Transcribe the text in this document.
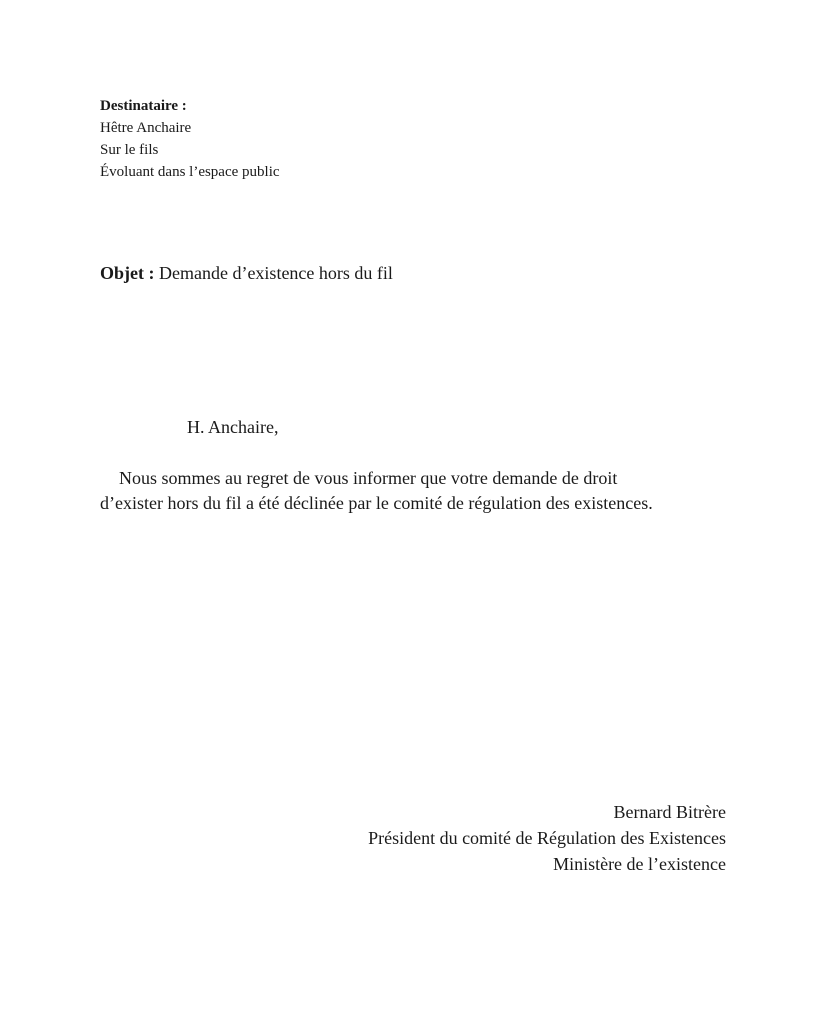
Destinataire :
Hêtre Anchaire
Sur le fils
Évoluant dans l’espace public
Objet : Demande d’existence hors du fil
H. Anchaire,
Nous sommes au regret de vous informer que votre demande de droit
d’exister hors du fil a été déclinée par le comité de régulation des existences.
Bernard Bitrère
Président du comité de Régulation des Existences
Ministère de l’existence
